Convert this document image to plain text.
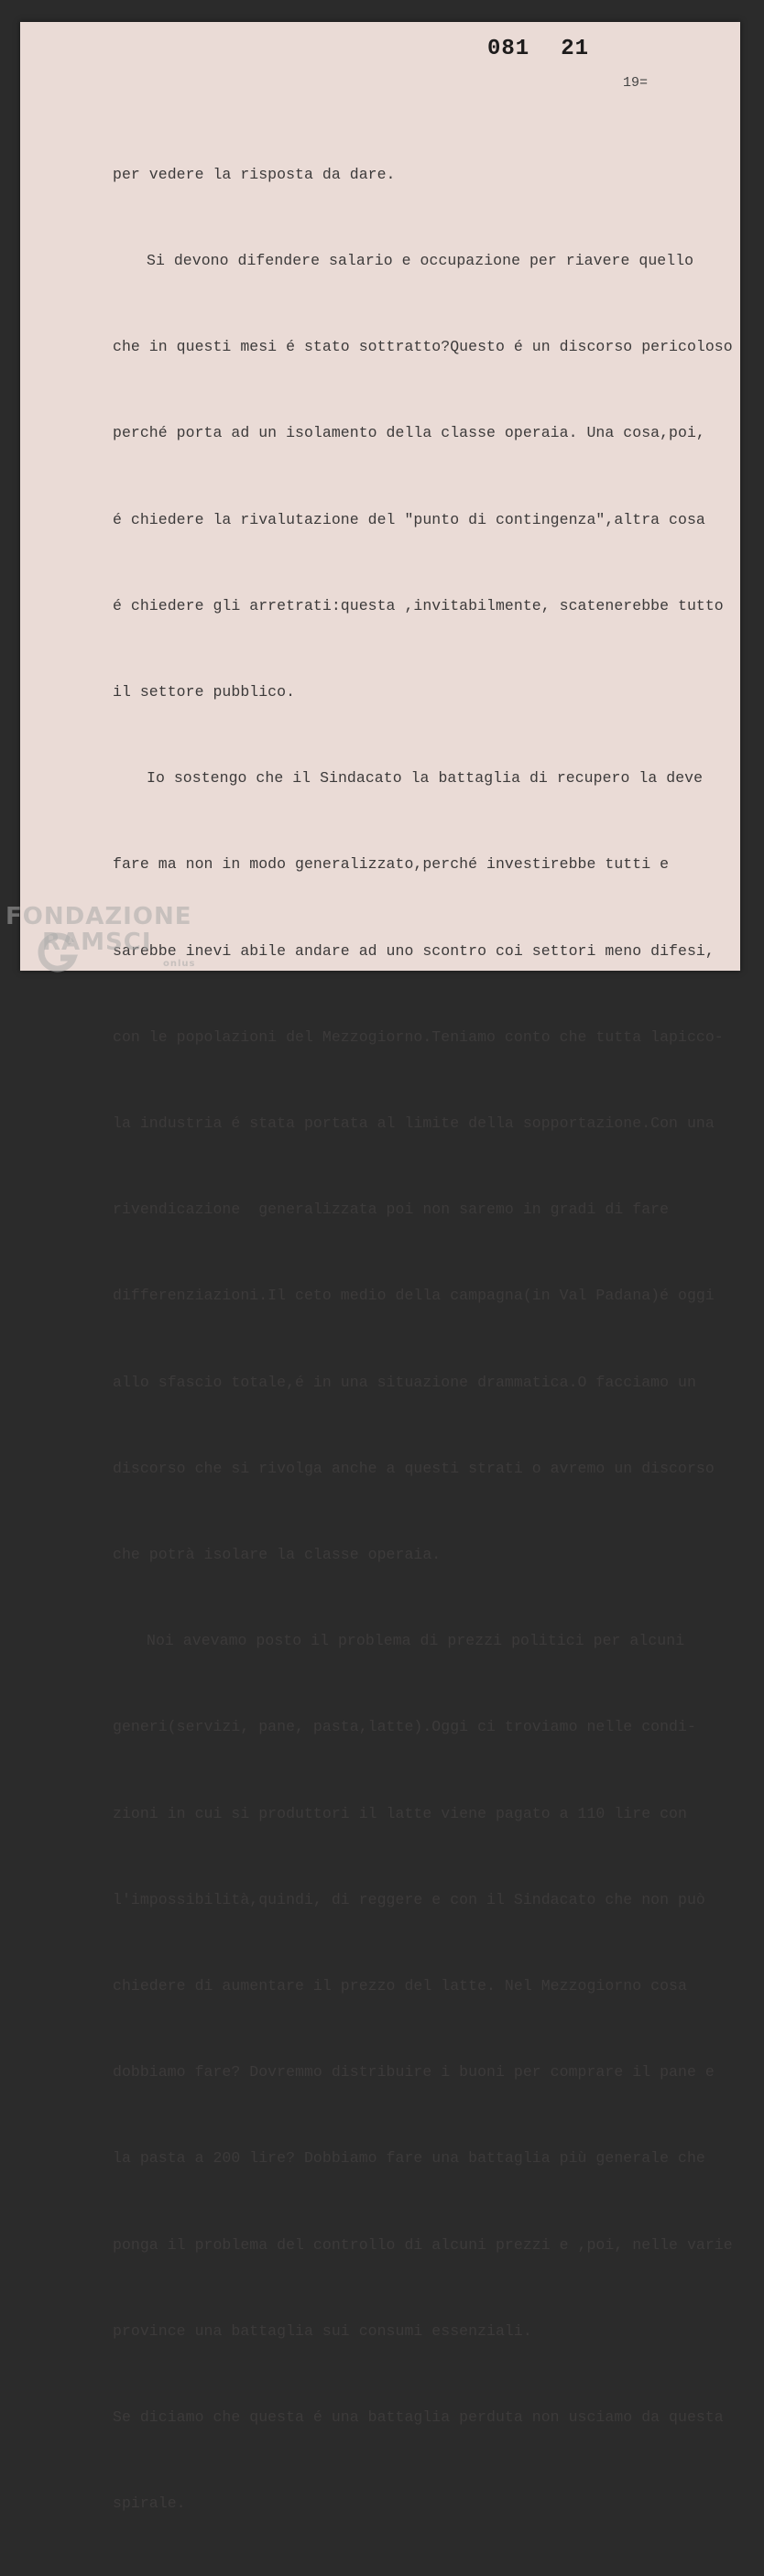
081 21
19=

per vedere la risposta da dare.

Si devono difendere salario e occupazione per riavere quello

che in questi mesi é stato sottratto?Questo é un discorso pericoloso

perché porta ad un isolamento della classe operaia. Una cosa,poi,

é chiedere la rivalutazione del "punto di contingenza",altra cosa

é chiedere gli arretrati:questa ,invitabilmente, scatenerebbe tutto

il settore pubblico.

Io sostengo che il Sindacato la battaglia di recupero la deve

fare ma non in modo generalizzato,perché investirebbe tutti e

sarebbe inevi abile andare ad uno scontro coi settori meno difesi,

con le popolazioni del Mezzogiorno.Teniamo conto che tutta lapicco-

la industria é stata portata al limite della sopportazione.Con una

rivendicazione  generalizzata poi non saremo in gradi di fare

differenziazioni.Il ceto medio della campagna(in Val Padana)é oggi

allo sfascio totale,é in una situazione drammatica.O facciamo un

discorso che si rivolga anche a questi strati o avremo un discorso

che potrà isolare la classe operaia.

Noi avevamo posto il problema di prezzi politici per alcuni

generi(servizi, pane, pasta,latte).Oggi ci troviamo nelle condi-

zioni in cui si produttori il latte viene pagato a 110 lire con

l'impossibilità,quindi, di reggere e con il Sindacato che non può

chiedere di aumentare il prezzo del latte. Nel Mezzogiorno cosa

dobbiamo fare? Dovremmo distribuire i buoni per comprare il pane e

la pasta a 200 lire? Dobbiamo fare una battaglia più generale che

ponga il problema del controllo di alcuni prezzi e ,poi, nelle varie

province una battaglia sui consumi essenziali.

Se diciamo che questa é una battaglia perduta non usciamo da questa

spirale.

FONDAZIONE
RAMSCI
onlus
